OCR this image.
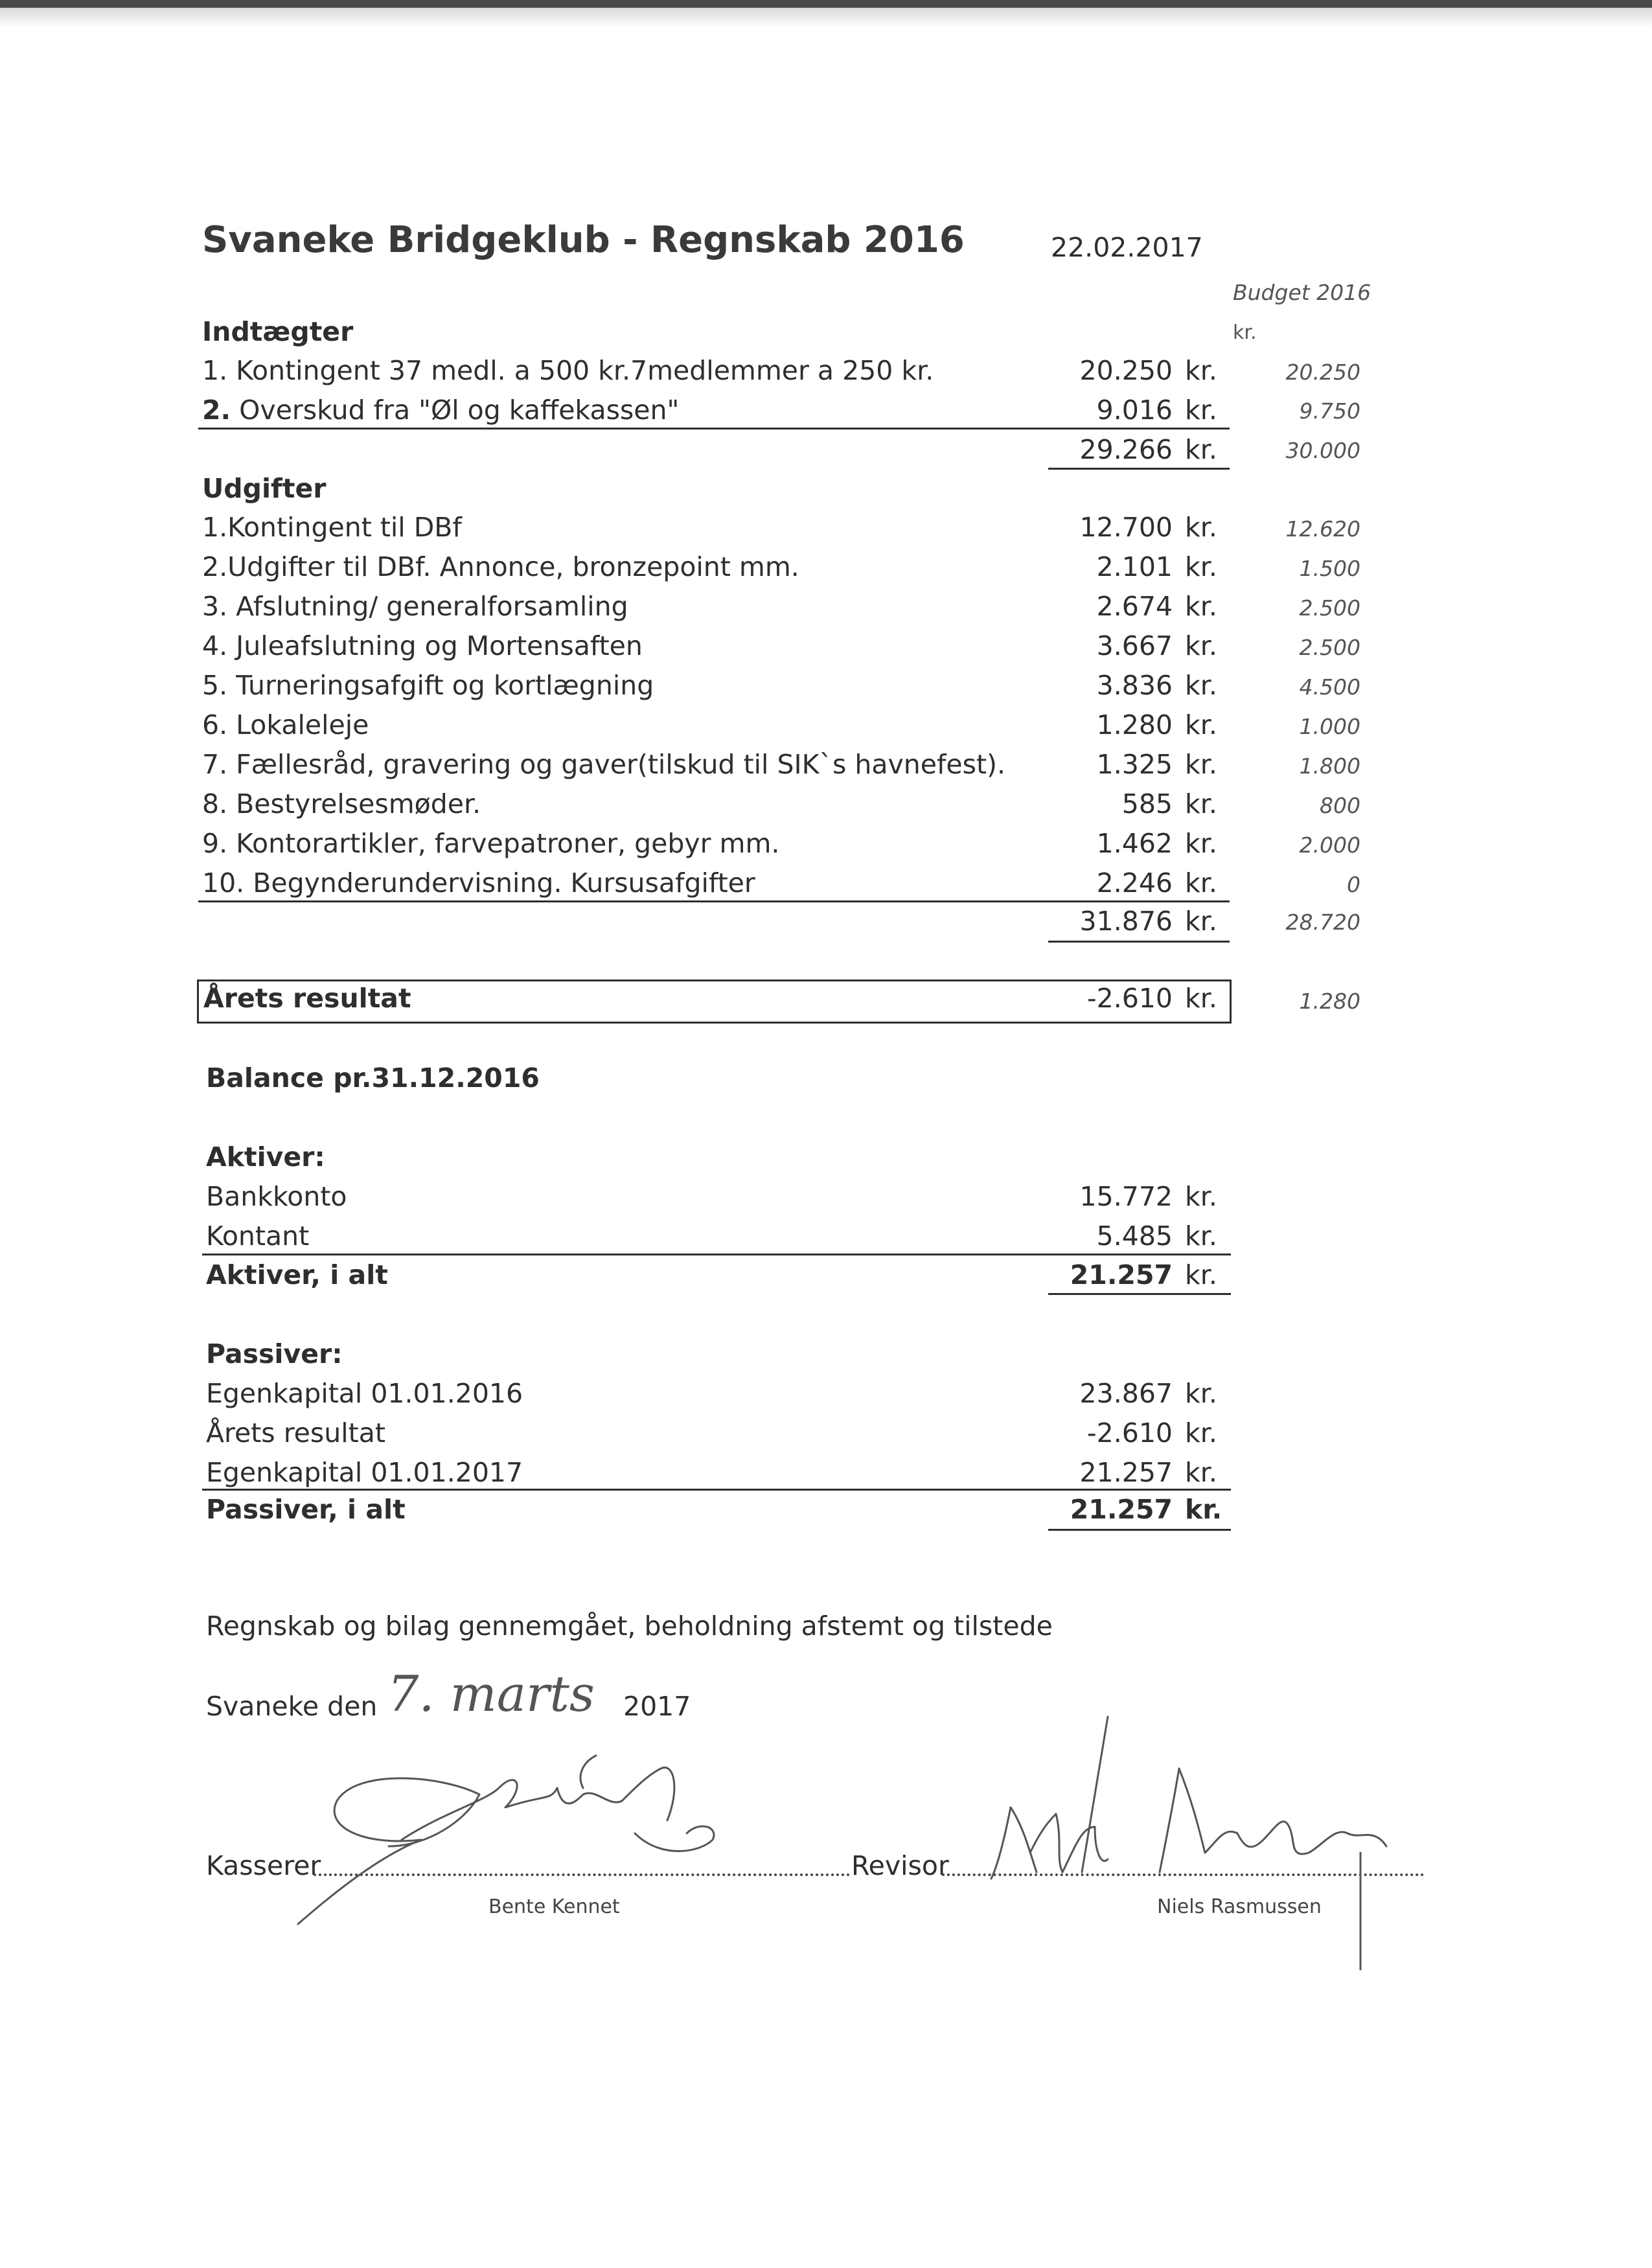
Svaneke Bridgeklub - Regnskab 2016	22.02.2017
Budget 2016
kr.
Indtægter
1. Kontingent 37 medl. a 500 kr.7medlemmer a 250 kr.	20.250 kr.	20.250
2. Overskud fra "Øl og kaffekassen"	9.016 kr.	9.750
29.266 kr.	30.000
Udgifter
1.Kontingent til DBf	12.700 kr.	12.620
2.Udgifter til DBf. Annonce, bronzepoint mm.	2.101 kr.	1.500
3. Afslutning/ generalforsamling	2.674 kr.	2.500
4. Juleafslutning og Mortensaften	3.667 kr.	2.500
5. Turneringsafgift og kortlægning	3.836 kr.	4.500
6. Lokaleleje	1.280 kr.	1.000
7. Fællesråd, gravering og gaver(tilskud til SIK`s havnefest).	1.325 kr.	1.800
8. Bestyrelsesmøder.	585 kr.	800
9. Kontorartikler, farvepatroner, gebyr mm.	1.462 kr.	2.000
10. Begynderundervisning. Kursusafgifter	2.246 kr.	0
31.876 kr.	28.720
Årets resultat	-2.610 kr.	1.280
Balance pr.31.12.2016
Aktiver:
Bankkonto	15.772 kr.
Kontant	5.485 kr.
Aktiver, i alt	21.257 kr.
Passiver:
Egenkapital 01.01.2016	23.867 kr.
Årets resultat	-2.610 kr.
Egenkapital 01.01.2017	21.257 kr.
Passiver, i alt	21.257 kr.
Regnskab og bilag gennemgået, beholdning afstemt og tilstede
Svaneke den 7. marts 2017
Kasserer	Revisor
Bente Kennet	Niels Rasmussen
